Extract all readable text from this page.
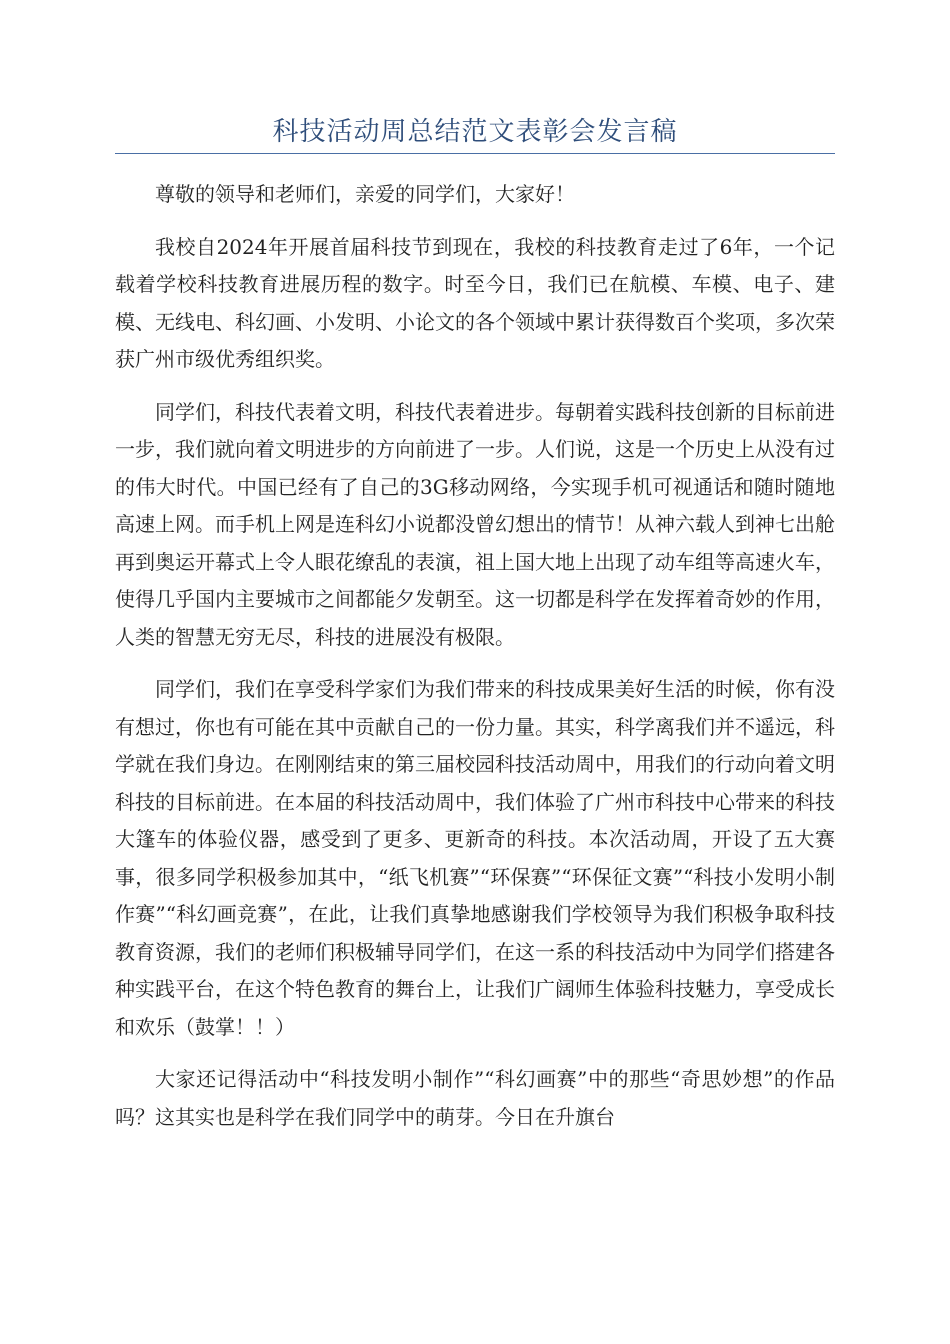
科技活动周总结范文表彰会发言稿

尊敬的领导和老师们，亲爱的同学们，大家好！

我校自2024年开展首届科技节到现在，我校的科技教育走过了6年，一个记载着学校科技教育进展历程的数字。时至今日，我们已在航模、车模、电子、建模、无线电、科幻画、小发明、小论文的各个领域中累计获得数百个奖项，多次荣获广州市级优秀组织奖。

同学们，科技代表着文明，科技代表着进步。每朝着实践科技创新的目标前进一步，我们就向着文明进步的方向前进了一步。人们说，这是一个历史上从没有过的伟大时代。中国已经有了自己的3G移动网络，今实现手机可视通话和随时随地高速上网。而手机上网是连科幻小说都没曾幻想出的情节！从神六载人到神七出舱再到奥运开幕式上令人眼花缭乱的表演，祖上国大地上出现了动车组等高速火车，使得几乎国内主要城市之间都能夕发朝至。这一切都是科学在发挥着奇妙的作用，人类的智慧无穷无尽，科技的进展没有极限。

同学们，我们在享受科学家们为我们带来的科技成果美好生活的时候，你有没有想过，你也有可能在其中贡献自己的一份力量。其实，科学离我们并不遥远，科学就在我们身边。在刚刚结束的第三届校园科技活动周中，用我们的行动向着文明科技的目标前进。在本届的科技活动周中，我们体验了广州市科技中心带来的科技大篷车的体验仪器，感受到了更多、更新奇的科技。本次活动周，开设了五大赛事，很多同学积极参加其中，“纸飞机赛”“环保赛”“环保征文赛”“科技小发明小制作赛”“科幻画竞赛”，在此，让我们真挚地感谢我们学校领导为我们积极争取科技教育资源，我们的老师们积极辅导同学们，在这一系的科技活动中为同学们搭建各种实践平台，在这个特色教育的舞台上，让我们广阔师生体验科技魅力，享受成长和欢乐（鼓掌！！）

大家还记得活动中“科技发明小制作”“科幻画赛”中的那些“奇思妙想”的作品吗？这其实也是科学在我们同学中的萌芽。今日在升旗台
